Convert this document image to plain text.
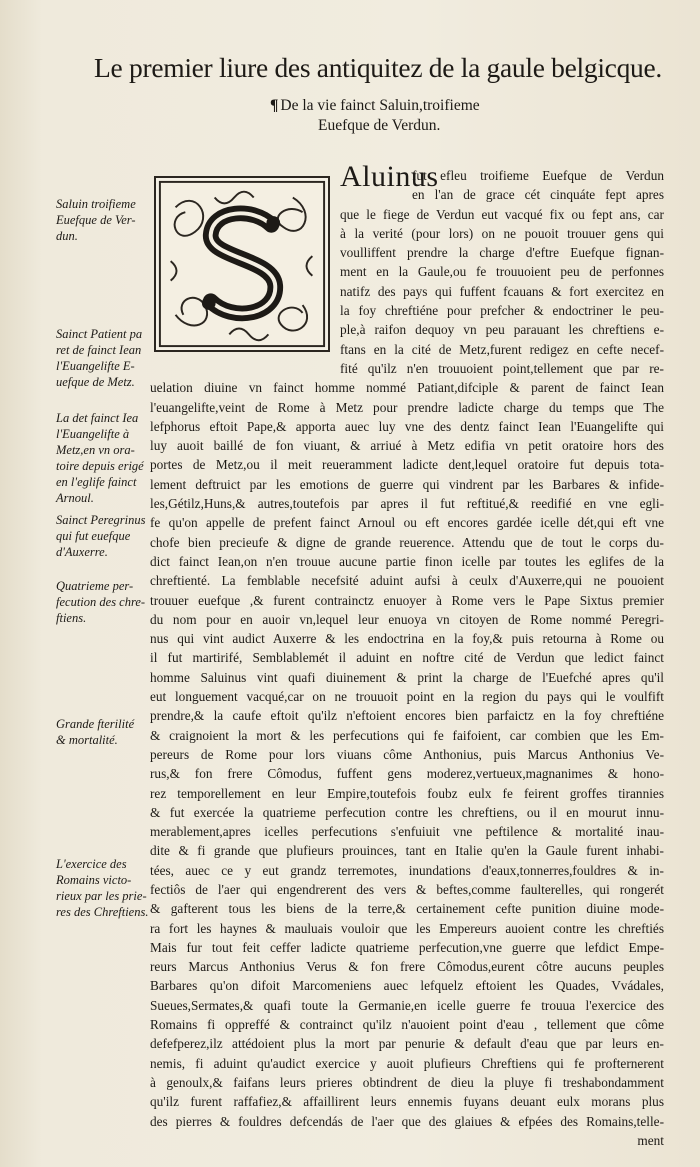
Le premier liure des antiquitez de la gaule belgicque.
¶ De la vie fainct Saluin,troifieme
Euefque de Verdun.
Aluinus
fut efleu troifieme Euefque de Verdun
en l'an de grace cét cinquáte fept apres
que le fiege de Verdun eut vacqué fix ou fept ans, car
à la verité (pour lors) on ne pouoit trouuer gens qui
voulliffent prendre la charge d'eftre Euefque fignan-
ment en la Gaule,ou fe trouuoient peu de perfonnes
natifz des pays qui fuffent fcauans & fort exercitez en
la foy chreftiéne pour prefcher & endoctriner le peu-
ple,à raifon dequoy vn peu parauant les chreftiens e-
ftans en la cité de Metz,furent redigez en cefte necef-
fité qu'ilz n'en trouuoient point,tellement que par re-
uelation diuine vn fainct homme nommé Patiant,difciple & parent de fainct Iean
l'euangelifte,veint de Rome à Metz pour prendre ladicte charge du temps que The
lefphorus eftoit Pape,& apporta auec luy vne des dentz fainct Iean l'Euangelifte qui
luy auoit baillé de fon viuant, & arriué à Metz edifia vn petit oratoire hors des
portes de Metz,ou il meit reueramment ladicte dent,lequel oratoire fut depuis tota-
lement deftruict par les emotions de guerre qui vindrent par les Barbares & infide-
les,Gétilz,Huns,& autres,toutefois par apres il fut reftitué,& reedifié en vne egli-
fe qu'on appelle de prefent fainct Arnoul ou eft encores gardée icelle dét,qui eft vne
chofe bien precieufe & digne de grande reuerence. Attendu que de tout le corps du-
dict fainct Iean,on n'en trouue aucune partie finon icelle par toutes les eglifes de la
chreftienté. La femblable necefsité aduint aufsi à ceulx d'Auxerre,qui ne pouoient
trouuer euefque ,& furent contrainctz enuoyer à Rome vers le Pape Sixtus premier
du nom pour en auoir vn,lequel leur enuoya vn citoyen de Rome nommé Peregri-
nus qui vint audict Auxerre & les endoctrina en la foy,& puis retourna à Rome ou
il fut martirifé, Semblablemét il aduint en noftre cité de Verdun que ledict fainct
homme Saluinus vint quafi diuinement & print la charge de l'Euefché apres qu'il
eut longuement vacqué,car on ne trouuoit point en la region du pays qui le voulfift
prendre,& la caufe eftoit qu'ilz n'eftoient encores bien parfaictz en la foy chreftiéne
& craignoient la mort & les perfecutions qui fe faifoient, car combien que les Em-
pereurs de Rome pour lors viuans côme Anthonius, puis Marcus Anthonius Ve-
rus,& fon frere Cômodus, fuffent gens moderez,vertueux,magnanimes & hono-
rez temporellement en leur Empire,toutefois foubz eulx fe feirent groffes tirannies
& fut exercée la quatrieme perfecution contre les chreftiens, ou il en mourut innu-
merablement,apres icelles perfecutions s'enfuiuit vne peftilence & mortalité inau-
dite & fi grande que plufieurs prouinces, tant en Italie qu'en la Gaule furent inhabi-
tées, auec ce y eut grandz terremotes, inundations d'eaux,tonnerres,fouldres & in-
fectiôs de l'aer qui engendrerent des vers & beftes,comme faulterelles, qui rongerét
& gafterent tous les biens de la terre,& certainement cefte punition diuine mode-
ra fort les haynes & mauluais vouloir que les Empereurs auoient contre les chreftiés
Mais fur tout feit ceffer ladicte quatrieme perfecution,vne guerre que lefdict Empe-
reurs Marcus Anthonius Verus & fon frere Cômodus,eurent côtre aucuns peuples
Barbares qu'on difoit Marcomeniens auec lefquelz eftoient les Quades, Vvádales,
Sueues,Sermates,& quafi toute la Germanie,en icelle guerre fe trouua l'exercice des
Romains fi oppreffé & contrainct qu'ilz n'auoient point d'eau , tellement que côme
defefperez,ilz attédoient plus la mort par penurie & default d'eau que par leurs en-
nemis, fi aduint qu'audict exercice y auoit plufieurs Chreftiens qui fe profternerent
à genoulx,& faifans leurs prieres obtindrent de dieu la pluye fi treshabondamment
qu'ilz furent raffafiez,& affaillirent leurs ennemis fuyans deuant eulx morans plus
des pierres & fouldres defcendás de l'aer que des glaiues & efpées des Romains,telle-
ment
Saluin troifieme
Euefque de Ver-
dun.
Sainct Patient pa
ret de fainct Iean
l'Euangelifte E-
uefque de Metz.
La det fainct Iea
l'Euangelifte à
Metz,en vn ora-
toire depuis erigé
en l'eglife fainct
Arnoul.
Sainct Peregrinus
qui fut euefque
d'Auxerre.
Quatrieme per-
fecution des chre-
ftiens.
Grande fterilité
& mortalité.
L'exercice des
Romains victo-
rieux par les prie-
res des Chreftiens.
